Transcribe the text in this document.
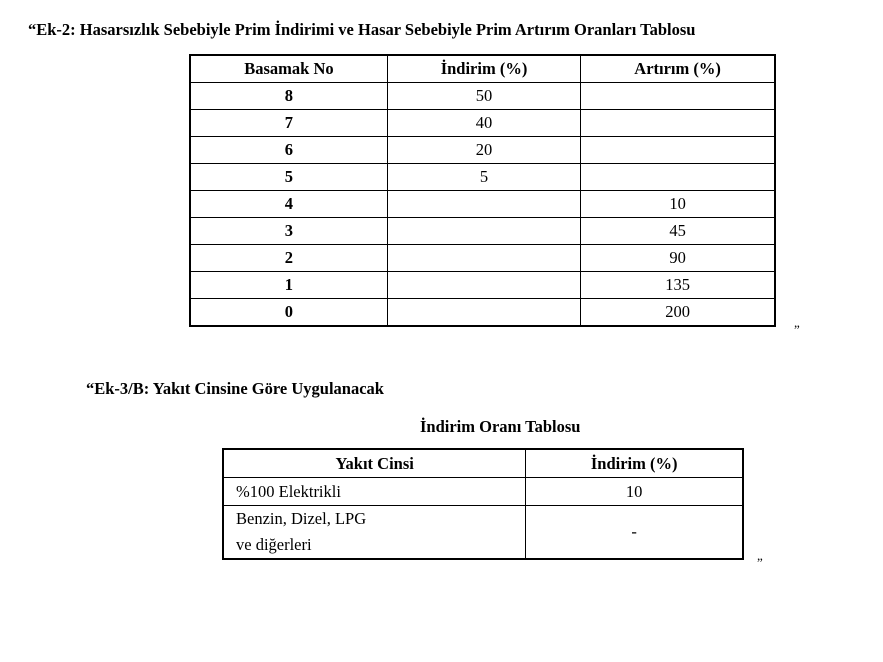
“Ek-2: Hasarsızlık Sebebiyle Prim İndirimi ve Hasar Sebebiyle Prim Artırım Oranları Tablosu
Basamak No	İndirim (%)	Artırım (%)
8	50	
7	40	
6	20	
5	5	
4		10
3		45
2		90
1		135
0		200
”
“Ek-3/B: Yakıt Cinsine Göre Uygulanacak
İndirim Oranı Tablosu
Yakıt Cinsi	İndirim (%)
%100 Elektrikli	10

Benzin, Dizel, LPG
ve diğerleri	-
”
